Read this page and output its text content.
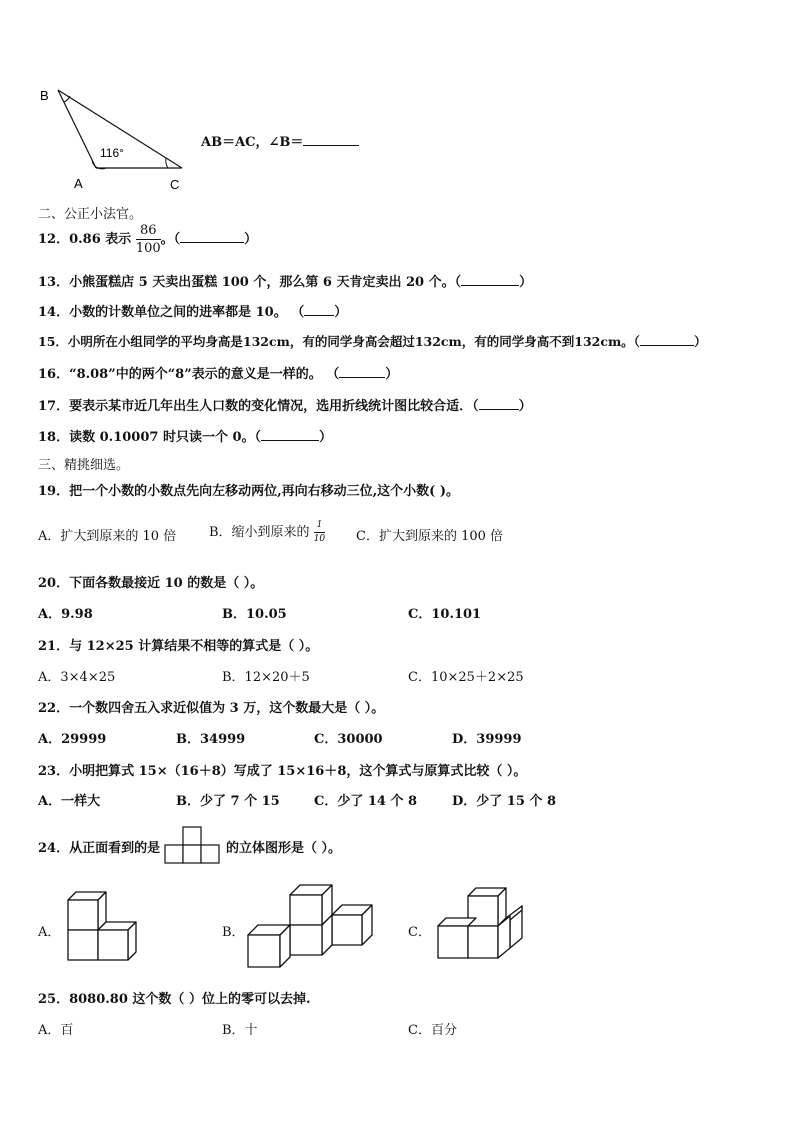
B
A	C
116°
AB＝AC，∠B＝
二、公正小法官。
12．0.86 表示 $\frac{86}{100}$ 。（	）
13．小熊蛋糕店 5 天卖出蛋糕 100 个，那么第 6 天肯定卖出 20 个。（	）
14．小数的计数单位之间的进率都是 10。 （ ）
15．小明所在小组同学的平均身高是132cm，有的同学身高会超过132cm，有的同学身高不到132cm。（	）
16．“8.08”中的两个“8”表示的意义是一样的。 （	）
17．要表示某市近几年出生人口数的变化情况，选用折线统计图比较合适．（	）
18．读数 0.10007 时只读一个 0。（	）
三、精挑细选。
19．把一个小数的小数点先向左移动两位,再向右移动三位,这个小数( )。
A．扩大到原来的 10 倍	B．缩小到原来的 $\frac{1}{10}$ C．扩大到原来的 100 倍
20．下面各数最接近 10 的数是（ ）。
A．9.98	B．10.05	C．10.101
21．与 12×25 计算结果不相等的算式是（ ）。
A．3×4×25	B．12×20＋5	C．10×25＋2×25
22．一个数四舍五入求近似值为 3 万，这个数最大是（ ）。
A．29999	B．34999	C．30000	D．39999
23．小明把算式 15×（16＋8）写成了 15×16＋8，这个算式与原算式比较（ ）。
A．一样大	B．少了 7 个 15	C．少了 14 个 8	D．少了 15 个 8
24．从正面看到的是	的立体图形是（ ）。
A．	B．	C．
25．8080.80 这个数（ ）位上的零可以去掉.
A．百	B．十	C．百分
